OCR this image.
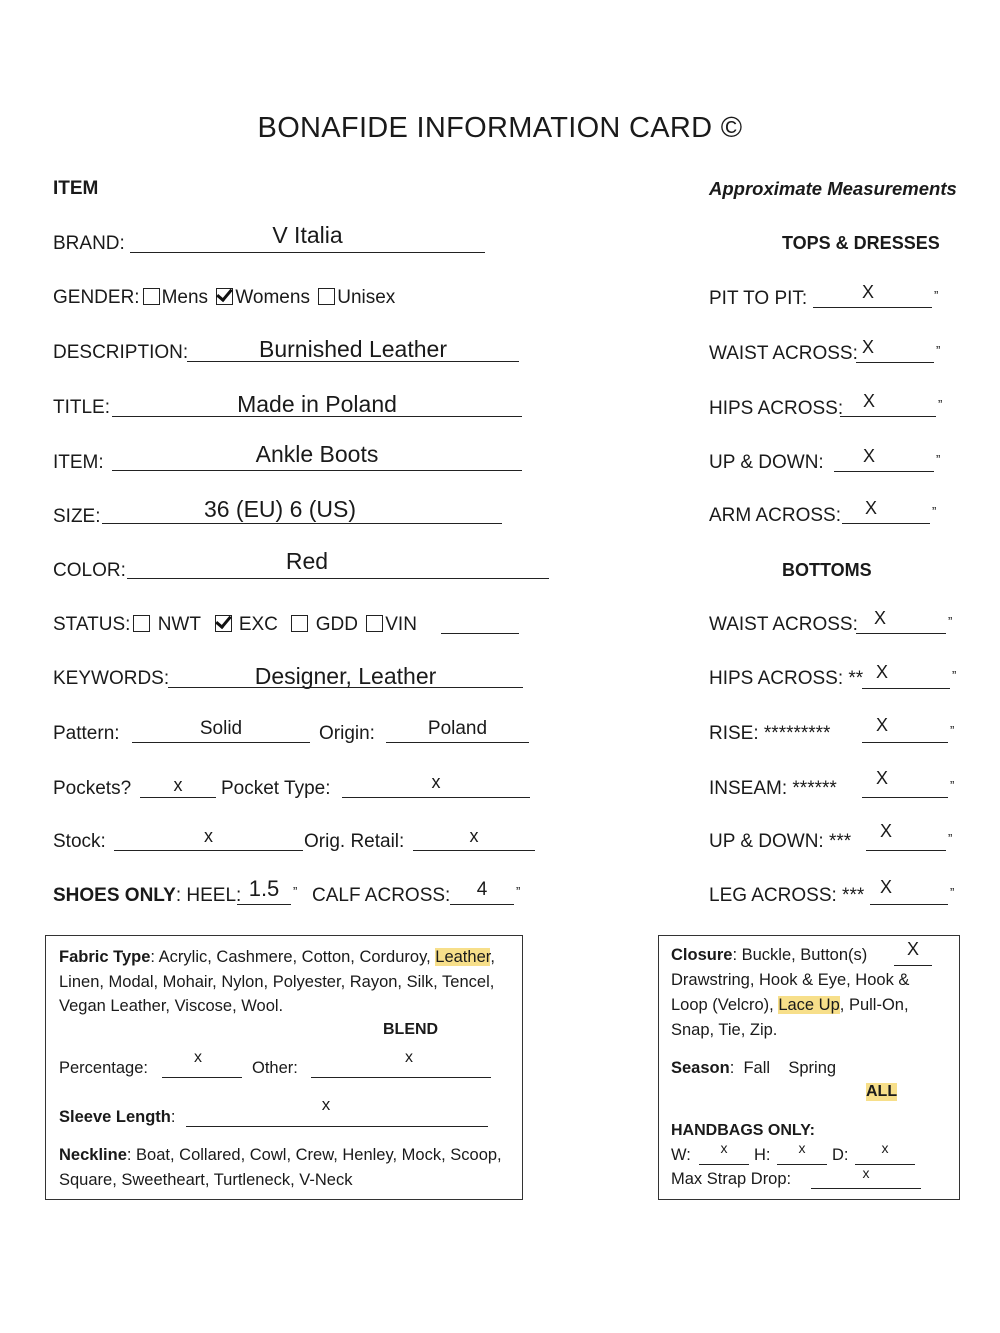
BONAFIDE INFORMATION CARD ©
ITEM
BRAND:	V Italia
GENDER: Mens Womens Unisex
DESCRIPTION:	Burnished Leather
TITLE:	Made in Poland
ITEM:	Ankle Boots
SIZE:	36 (EU) 6 (US)
COLOR:	Red
STATUS: NWT EXC GDD VIN
KEYWORDS:	Designer, Leather
Pattern:	Solid	Origin:	Poland
Pockets?	x	Pocket Type:	x
Stock:	x	Orig. Retail:	x
SHOES ONLY: HEEL: 1.5	” CALF ACROSS:	4	”
Approximate Measurements
TOPS & DRESSES
PIT TO PIT:	X	”
WAIST ACROSS: X	”
HIPS ACROSS:	X	”
UP & DOWN:	X	”
ARM ACROSS:	X	”
BOTTOMS
WAIST ACROSS: X	”
HIPS ACROSS: ** X	”
RISE: *********	X	”
INSEAM: ******	X	”
UP & DOWN: ***	X	”
LEG ACROSS: *** X	”
Fabric Type: Acrylic, Cashmere, Cotton, Corduroy, Leather, Linen, Modal, Mohair, Nylon, Polyester, Rayon, Silk, Tencel, Vegan Leather, Viscose, Wool.
BLEND
Percentage:
x
Other:
x
Sleeve Length:
x
Neckline: Boat, Collared, Cowl, Crew, Henley, Mock, Scoop, Square, Sweetheart, Turtleneck, V-Neck
Closure: Buckle, Button(s)	X
Drawstring, Hook & Eye, Hook &
Loop (Velcro), Lace Up, Pull-On,
Snap, Tie, Zip.
Season:  Fall    Spring
ALL
HANDBAGS ONLY:
W:	x	H:	x	D:	x
Max Strap Drop:	x
